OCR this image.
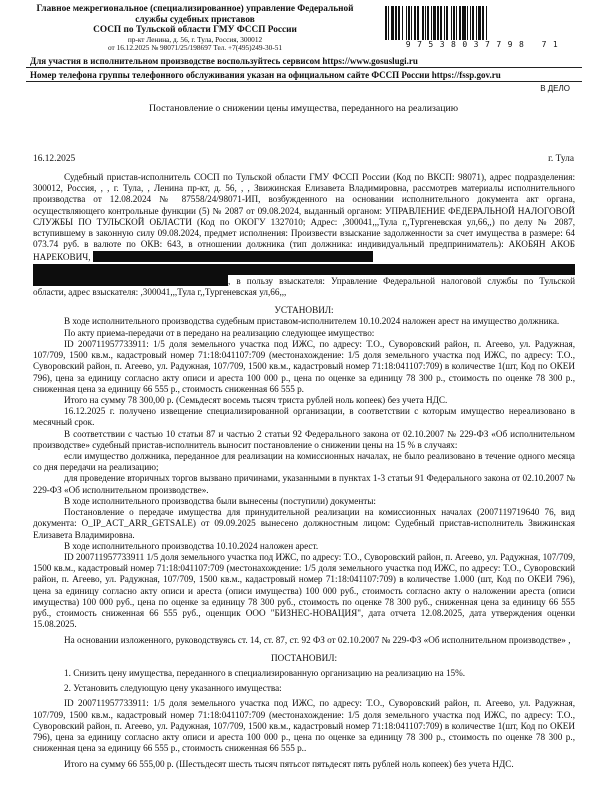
Главное межрегиональное (специализированное) управление Федеральной
службы судебных приставов
СОСП по Тульской области ГМУ ФССП России
пр-кт Ленина, д. 56, г. Тула, Россия, 300012
от 16.12.2025 № 98071/25/198697 Тел. +7(495)249-30-51	97538037798 71
Для участия в исполнительном производстве воспользуйтесь сервисом https://www.gosuslugi.ru
Номер телефона группы телефонного обслуживания указан на официальном сайте ФССП России https://fssp.gov.ru
В ДЕЛО
Постановление о снижении цены имущества, переданного на реализацию
16.12.2025	г. Тула

Судебный пристав-исполнитель СОСП по Тульской области ГМУ ФССП России (Код по ВКСП: 98071), адрес подразделения: 300012, Россия, , , г. Тула, , Ленина пр-кт, д. 56, , , Звижинская Елизавета Владимировна, рассмотрев материалы исполнительного производства от 12.08.2024 № 87558/24/98071-ИП, возбужденного на основании исполнительного документа акт органа, осуществляющего контрольные функции (5) № 2087 от 09.08.2024, выданный органом: УПРАВЛЕНИЕ ФЕДЕРАЛЬНОЙ НАЛОГОВОЙ СЛУЖБЫ ПО ТУЛЬСКОЙ ОБЛАСТИ (Код по ОКОГУ 1327010; Адрес: ,300041,,,Тула г,,Тургеневская ул,66,,) по делу № 2087, вступившему в законную силу 09.08.2024, предмет исполнения: Произвести взыскание задолженности за счет имущества в размере: 64 073.74 руб. в валюте по ОКВ: 643, в отношении должника (тип должника: индивидуальный предприниматель): АКОБЯН АКОБ НАРЕКОВИЧ,

, в пользу взыскателя: Управление Федеральной налоговой службы по Тульской области, адрес взыскателя: ,300041,,,Тула г,,Тургеневская ул,66,,,

УСТАНОВИЛ:

В ходе исполнительного производства судебным приставом-исполнителем 10.10.2024 наложен арест на имущество должника.

По акту приема-передачи от в передано на реализацию следующее имущество:

ID 200711957733911: 1/5 доля земельного участка под ИЖС, по адресу: Т.О., Суворовский район, п. Агеево, ул. Радужная, 107/709, 1500 кв.м., кадастровый номер 71:18:041107:709 (местонахождение: 1/5 доля земельного участка под ИЖС, по адресу: Т.О., Суворовский район, п. Агеево, ул. Радужная, 107/709, 1500 кв.м., кадастровый номер 71:18:041107:709) в количестве 1(шт, Код по ОКЕИ 796), цена за единицу согласно акту описи и ареста 100 000 р., цена по оценке за единицу 78 300 р., стоимость по оценке 78 300 р., сниженная цена за единицу 66 555 р., стоимость сниженная 66 555 р.

Итого на сумму 78 300,00 р. (Семьдесят восемь тысяч триста рублей ноль копеек) без учета НДС.

16.12.2025 г. получено извещение специализированной организации, в соответствии с которым имущество нереализовано в месячный срок.

В соответствии с частью 10 статьи 87 и частью 2 статьи 92 Федерального закона от 02.10.2007 № 229-ФЗ «Об исполнительном производстве» судебный пристав-исполнитель выносит постановление о снижении цены на 15 % в случаях:

если имущество должника, переданное для реализации на комиссионных началах, не было реализовано в течение одного месяца со дня передачи на реализацию;

для проведение вторичных торгов вызвано причинами, указанными в пунктах 1-3 статьи 91 Федерального закона от 02.10.2007 № 229-ФЗ «Об исполнительном производстве».

В ходе исполнительного производства были вынесены (поступили) документы:

Постановление о передаче имущества для принудительной реализации на комиссионных началах (2007119719640 76, вид документа: O_IP_ACT_ARR_GETSALE) от 09.09.2025 вынесено должностным лицом: Судебный пристав-исполнитель Звижинская Елизавета Владимировна.

В ходе исполнительного производства 10.10.2024 наложен арест.

ID 200711957733911 1/5 доля земельного участка под ИЖС, по адресу: Т.О., Суворовский район, п. Агеево, ул. Радужная, 107/709, 1500 кв.м., кадастровый номер 71:18:041107:709 (местонахождение: 1/5 доля земельного участка под ИЖС, по адресу: Т.О., Суворовский район, п. Агеево, ул. Радужная, 107/709, 1500 кв.м., кадастровый номер 71:18:041107:709) в количестве 1.000 (шт, Код по ОКЕИ 796), цена за единицу согласно акту описи и ареста (описи имущества) 100 000 руб., стоимость согласно акту о наложении ареста (описи имущества) 100 000 руб., цена по оценке за единицу 78 300 руб., стоимость по оценке 78 300 руб., сниженная цена за единицу 66 555 руб., стоимость сниженная 66 555 руб., оценщик ООО "БИЗНЕС-НОВАЦИЯ", дата отчета 12.08.2025, дата утверждения оценки 15.08.2025.

На основании изложенного, руководствуясь ст. 14, ст. 87, ст. 92 ФЗ от 02.10.2007 № 229-ФЗ «Об исполнительном производстве» ,

ПОСТАНОВИЛ:

1. Снизить цену имущества, переданного в специализированную организацию на реализацию на 15%.

2. Установить следующую цену указанного имущества:

ID 200711957733911: 1/5 доля земельного участка под ИЖС, по адресу: Т.О., Суворовский район, п. Агеево, ул. Радужная, 107/709, 1500 кв.м., кадастровый номер 71:18:041107:709 (местонахождение: 1/5 доля земельного участка под ИЖС, по адресу: Т.О., Суворовский район, п. Агеево, ул. Радужная, 107/709, 1500 кв.м., кадастровый номер 71:18:041107:709) в количестве 1(шт, Код по ОКЕИ 796), цена за единицу согласно акту описи и ареста 100 000 р., цена по оценке за единицу 78 300 р., стоимость по оценке 78 300 р., сниженная цена за единицу 66 555 р., стоимость сниженная 66 555 р..

Итого на сумму 66 555,00 р. (Шестьдесят шесть тысяч пятьсот пятьдесят пять рублей ноль копеек) без учета НДС.
